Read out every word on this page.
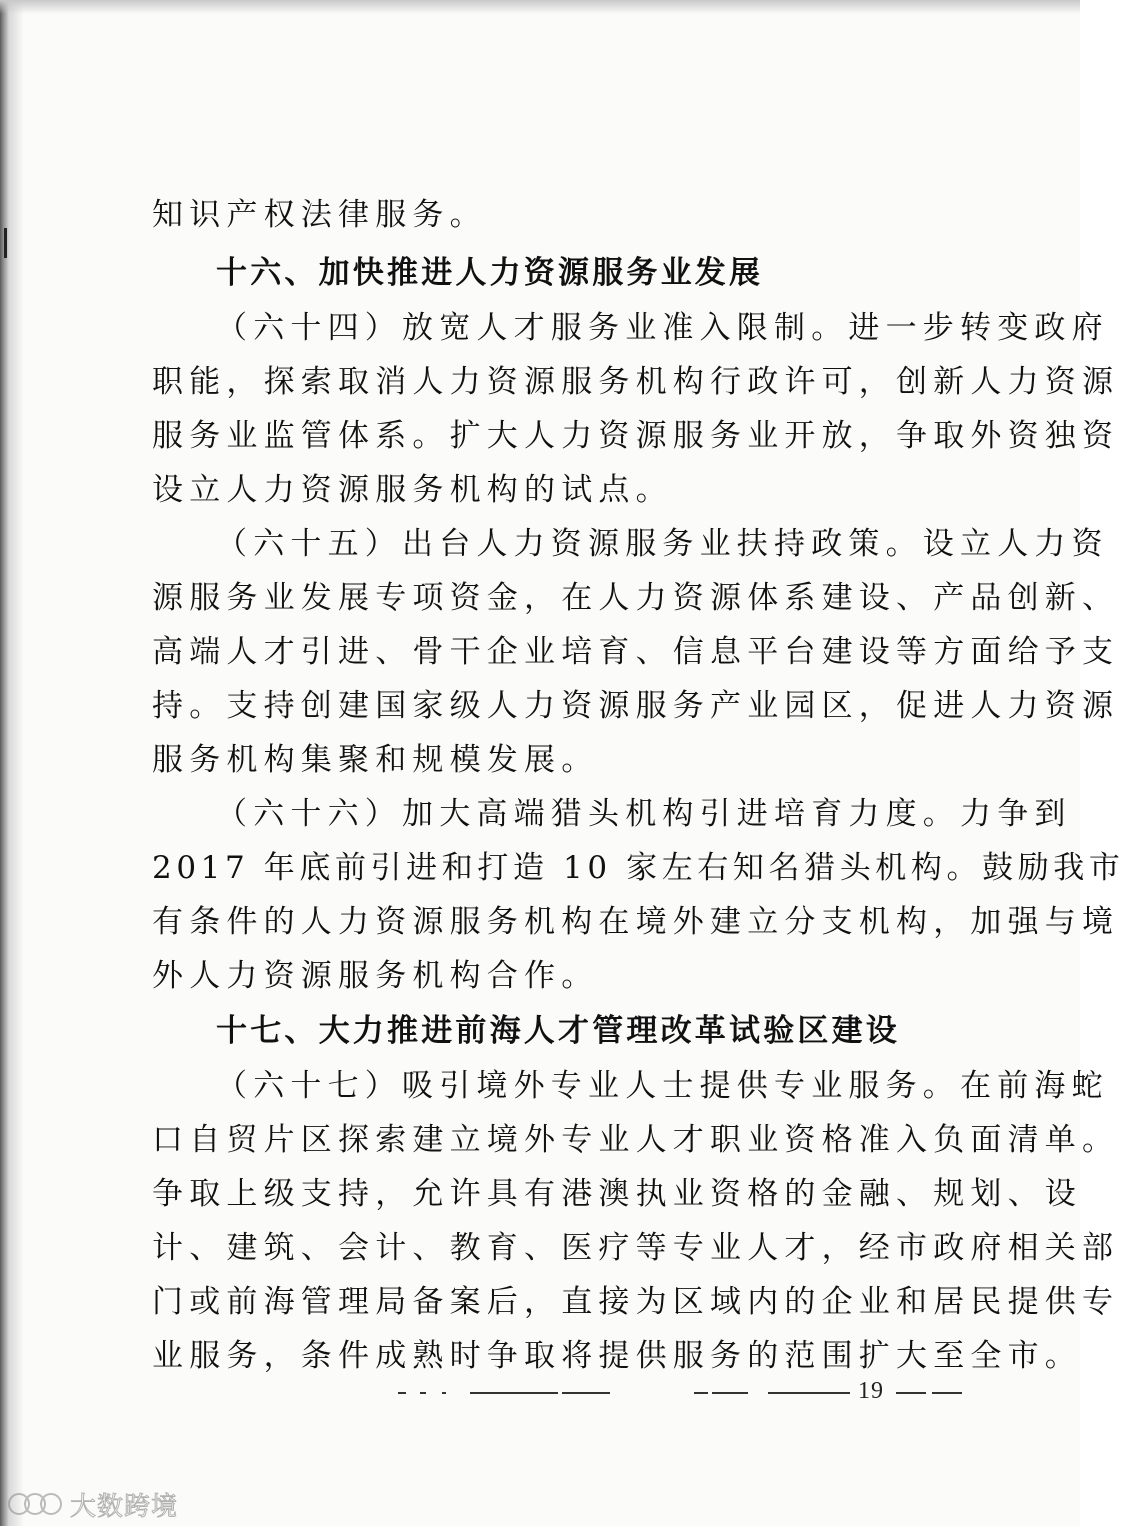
知识产权法律服务。
十六、加快推进人力资源服务业发展
（六十四）放宽人才服务业准入限制。进一步转变政府
职能，探索取消人力资源服务机构行政许可，创新人力资源
服务业监管体系。扩大人力资源服务业开放，争取外资独资
设立人力资源服务机构的试点。
（六十五）出台人力资源服务业扶持政策。设立人力资
源服务业发展专项资金，在人力资源体系建设、产品创新、
高端人才引进、骨干企业培育、信息平台建设等方面给予支
持。支持创建国家级人力资源服务产业园区，促进人力资源
服务机构集聚和规模发展。
（六十六）加大高端猎头机构引进培育力度。力争到
2017 年底前引进和打造 10 家左右知名猎头机构。鼓励我市
有条件的人力资源服务机构在境外建立分支机构，加强与境
外人力资源服务机构合作。
十七、大力推进前海人才管理改革试验区建设
（六十七）吸引境外专业人士提供专业服务。在前海蛇
口自贸片区探索建立境外专业人才职业资格准入负面清单。
争取上级支持，允许具有港澳执业资格的金融、规划、设
计、建筑、会计、教育、医疗等专业人才，经市政府相关部
门或前海管理局备案后，直接为区域内的企业和居民提供专
业服务，条件成熟时争取将提供服务的范围扩大至全市。
19
大数跨境
